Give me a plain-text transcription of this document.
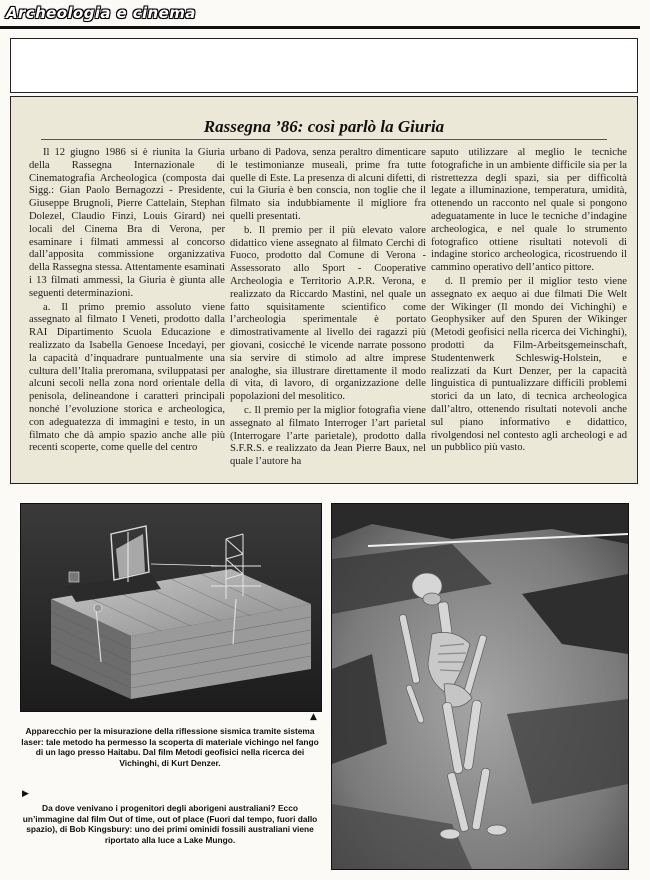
Archeologia e cinema
Rassegna ’86: così parlò la Giuria

Il 12 giugno 1986 si è riunita la Giuria della Rassegna Internazionale di Cinematografia Archeologica (composta dai Sigg.: Gian Paolo Bernagozzi - Presidente, Giuseppe Brugnoli, Pierre Cattelain, Stephan Dolezel, Claudio Finzi, Louis Girard) nei locali del Cinema Bra di Verona, per esaminare i filmati ammessi al concorso dall’apposita commissione organizzativa della Rassegna stessa. Attentamente esaminati i 13 filmati ammessi, la Giuria è giunta alle seguenti determinazioni.

a. Il primo premio assoluto viene assegnato al filmato I Veneti, prodotto dalla RAI Dipartimento Scuola Educazione e realizzato da Isabella Genoese Incedayi, per la capacità d’inquadrare puntualmente una cultura dell’Italia preromana, sviluppatasi per alcuni secoli nella zona nord orientale della penisola, delineandone i caratteri principali nonché l’evoluzione storica e archeologica, con adeguatezza di immagini e testo, in un filmato che dà ampio spazio anche alle più recenti scoperte, come quelle del centro

urbano di Padova, senza peraltro dimenticare le testimonianze museali, prime fra tutte quelle di Este. La presenza di alcuni difetti, di cui la Giuria è ben conscia, non toglie che il filmato sia indubbiamente il migliore fra quelli presentati.

b. Il premio per il più elevato valore didattico viene assegnato al filmato Cerchi di Fuoco, prodotto dal Comune di Verona - Assessorato allo Sport - Cooperative Archeologia e Territorio A.P.R. Verona, e realizzato da Riccardo Mastini, nel quale un fatto squisitamente scientifico come l’archeologia sperimentale è portato dimostrativamente al livello dei ragazzi più giovani, cosicché le vicende narrate possono sia servire di stimolo ad altre imprese analoghe, sia illustrare direttamente il modo di vita, di lavoro, di organizzazione delle popolazioni del mesolitico.

c. Il premio per la miglior fotografia viene assegnato al filmato Interroger l’art parietal (Interrogare l’arte parietale), prodotto dalla S.F.R.S. e realizzato da Jean Pierre Baux, nel quale l’autore ha

saputo utilizzare al meglio le tecniche fotografiche in un ambiente difficile sia per la ristrettezza degli spazi, sia per difficoltà legate a illuminazione, temperatura, umidità, ottenendo un racconto nel quale si pongono adeguatamente in luce le tecniche d’indagine archeologica, e nel quale lo strumento fotografico ottiene risultati notevoli di indagine storico archeologica, ricostruendo il cammino operativo dell’antico pittore.

d. Il premio per il miglior testo viene assegnato ex aequo ai due filmati Die Welt der Wikinger (Il mondo dei Vichinghi) e Geophysiker auf den Spuren der Wikinger (Metodi geofisici nella ricerca dei Vichinghi), prodotti da Film-Arbeitsgemeinschaft, Studentenwerk Schleswig-Holstein, e realizzati da Kurt Denzer, per la capacità linguistica di puntualizzare difficili problemi storici da un lato, di tecnica archeologica dall’altro, ottenendo risultati notevoli anche sul piano informativo e didattico, rivolgendosi nel contesto agli archeologi e ad un pubblico più vasto.

▲
Apparecchio per la misurazione della riflessione sismica tramite sistema laser: tale metodo ha permesso la scoperta di materiale vichingo nel fango di un lago presso Haitabu. Dal film Metodi geofisici nella ricerca dei Vichinghi, di Kurt Denzer.
▶
Da dove venivano i progenitori degli aborigeni australiani? Ecco un’immagine dal film Out of time, out of place (Fuori dal tempo, fuori dallo spazio), di Bob Kingsbury: uno dei primi ominidi fossili australiani viene riportato alla luce a Lake Mungo.
